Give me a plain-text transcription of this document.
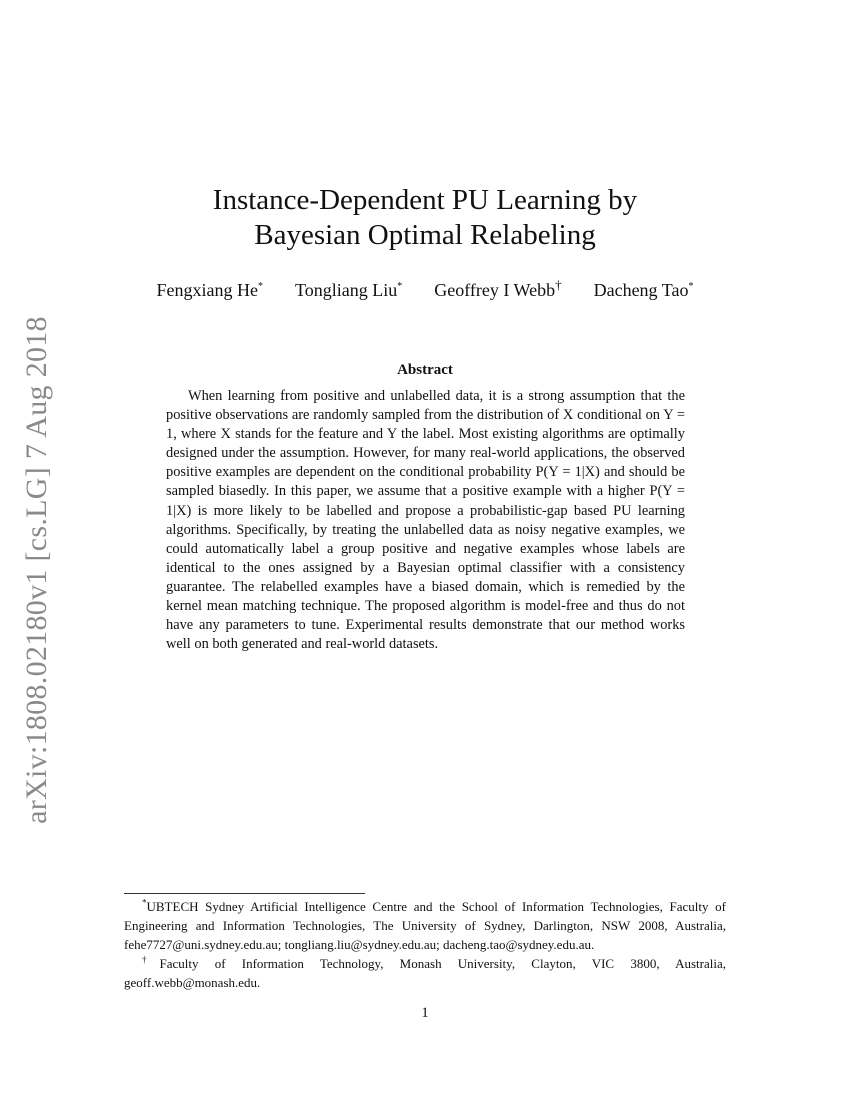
arXiv:1808.02180v1 [cs.LG] 7 Aug 2018
Instance-Dependent PU Learning by
Bayesian Optimal Relabeling
Fengxiang He* Tongliang Liu* Geoffrey I Webb† Dacheng Tao*
Abstract

When learning from positive and unlabelled data, it is a strong assumption that the positive observations are randomly sampled from the distribution of X conditional on Y = 1, where X stands for the feature and Y the label. Most existing algorithms are optimally designed under the assumption. However, for many real-world applications, the observed positive examples are dependent on the conditional probability P(Y = 1|X) and should be sampled biasedly. In this paper, we assume that a positive example with a higher P(Y = 1|X) is more likely to be labelled and propose a probabilistic-gap based PU learning algorithms. Specifically, by treating the unlabelled data as noisy negative examples, we could automatically label a group positive and negative examples whose labels are identical to the ones assigned by a Bayesian optimal classifier with a consistency guarantee. The relabelled examples have a biased domain, which is remedied by the kernel mean matching technique. The proposed algorithm is model-free and thus do not have any parameters to tune. Experimental results demonstrate that our method works well on both generated and real-world datasets.

*UBTECH Sydney Artificial Intelligence Centre and the School of Information Technologies, Faculty of Engineering and Information Technologies, The University of Sydney, Darlington, NSW 2008, Australia, fehe7727@uni.sydney.edu.au; tongliang.liu@sydney.edu.au; dacheng.tao@sydney.edu.au.

†Faculty of Information Technology, Monash University, Clayton, VIC 3800, Australia, geoff.webb@monash.edu.

1
